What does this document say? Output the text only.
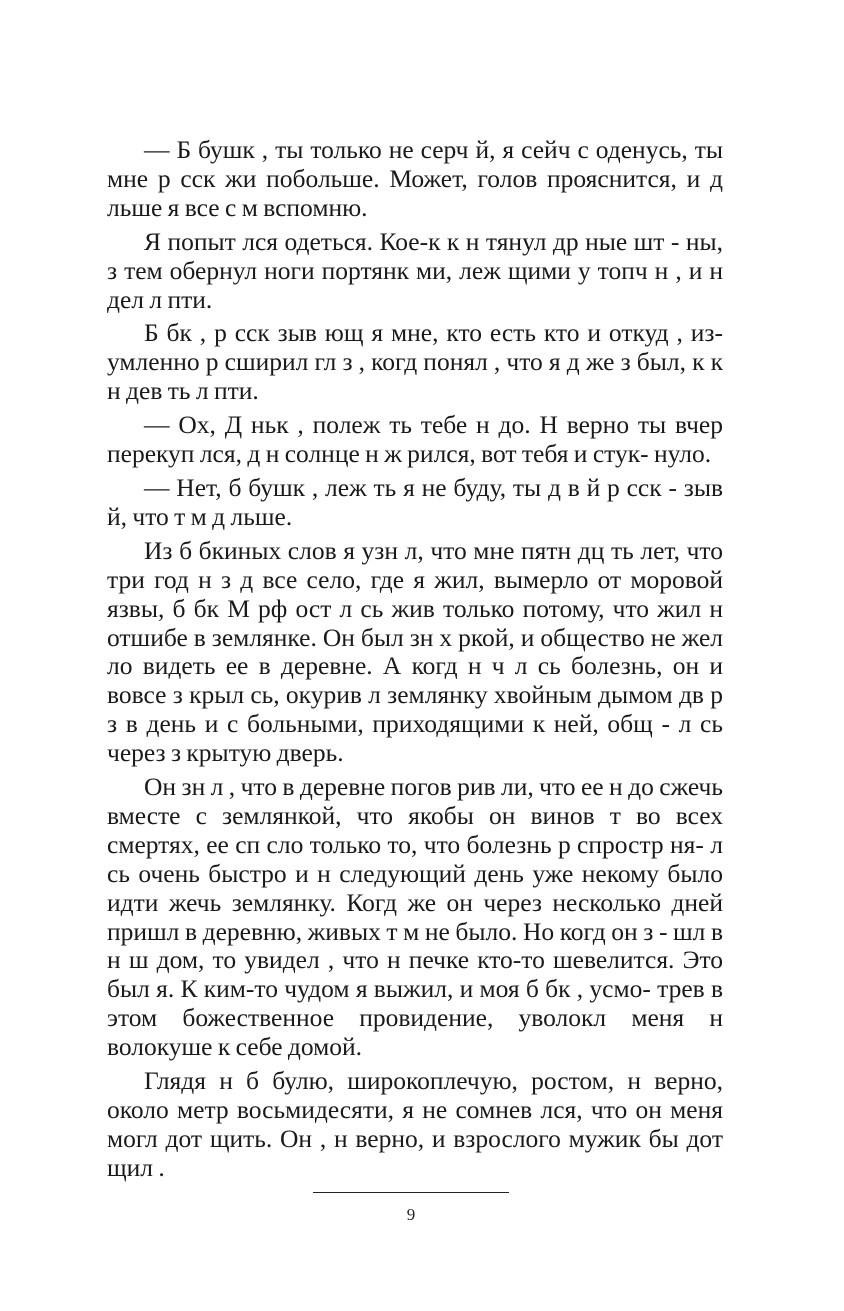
— Б бушк , ты только не серч й, я сейч с оденусь, ты мне р сск жи побольше. Может, голов прояснится, и д льше я все с м вспомню.

Я попыт лся одеться. Кое-к к н тянул др ные шт - ны, з тем обернул ноги портянк ми, леж щими у топч н , и н дел л пти.

Б бк , р сск зыв ющ я мне, кто есть кто и откуд , из- умленно р сширил гл з , когд понял , что я д же з был, к к н дев ть л пти.

— Ох, Д ньк , полеж ть тебе н до. Н верно ты вчер перекуп лся, д н солнце н ж рился, вот тебя и стук- нуло.

— Нет, б бушк , леж ть я не буду, ты д в й р сск - зыв й, что т м д льше.

Из б бкиных слов я узн л, что мне пятн дц ть лет, что три год н з д все село, где я жил, вымерло от моровой язвы, б бк М рф ост л сь жив только потому, что жил н отшибе в землянке. Он был зн х ркой, и общество не жел ло видеть ее в деревне. А когд н ч л сь болезнь, он и вовсе з крыл сь, окурив л землянку хвойным дымом дв р з в день и с больными, приходящими к ней, общ - л сь через з крытую дверь.

Он зн л , что в деревне погов рив ли, что ее н до сжечь вместе с землянкой, что якобы он винов т во всех смертях, ее сп сло только то, что болезнь р спростр ня- л сь очень быстро и н следующий день уже некому было идти жечь землянку. Когд же он через несколько дней пришл в деревню, живых т м не было. Но когд он з - шл в н ш дом, то увидел , что н печке кто-то шевелится. Это был я. К ким-то чудом я выжил, и моя б бк , усмо- трев в этом божественное провидение, уволокл меня н волокуше к себе домой.

Глядя н б булю, широкоплечую, ростом, н верно, около метр восьмидесяти, я не сомнев лся, что он меня могл дот щить. Он , н верно, и взрослого мужик бы дот щил .

9
